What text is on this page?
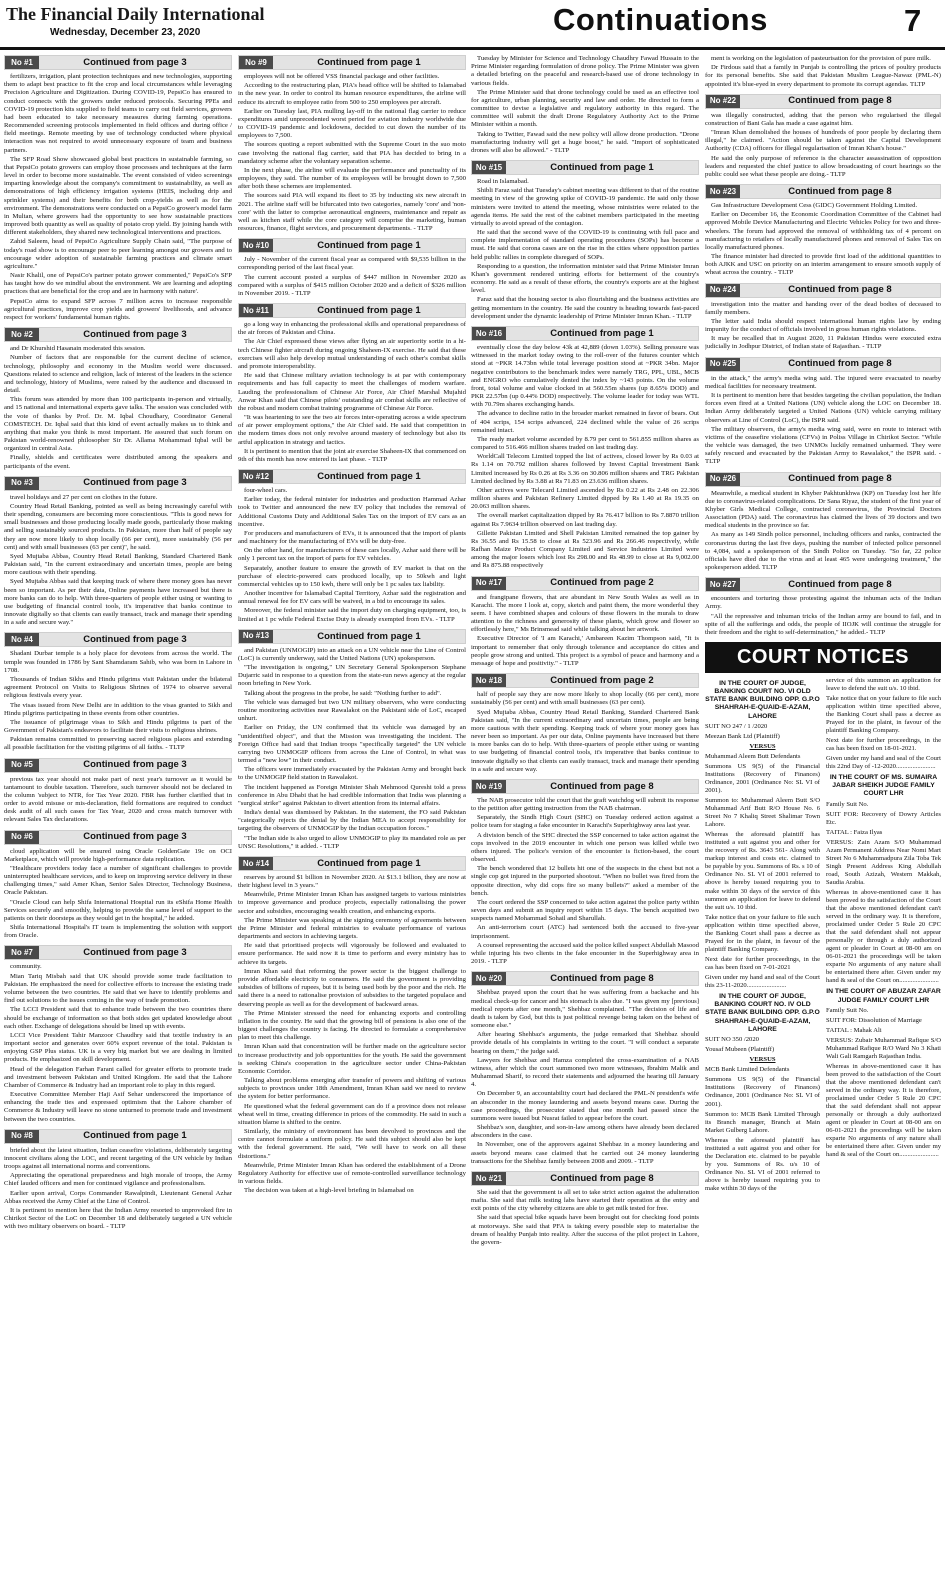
The Financial Daily International
Wednesday, December 23, 2020	Continuations	7
No #1	Continued from page 3

fertilizers, irrigation, plant protection techniques and new technologies, supporting them to adapt best practice to fit the crop and local circumstances while leveraging Precision Agriculture and Digitization. During COVID-19, PepsiCo has ensured to conduct connects with the growers under reduced protocols. Securing PPEs and COVID-19 protection kits supplied to field teams to carry out field services, growers had been educated to take necessary measures during farming operations. Recommended screening protocols implemented in field offices and during office / field meetings. Remote meeting by use of technology conducted where physical interaction was not required to avoid unnecessary exposure of team and business partners.

The SFP Road Show showcased global best practices in sustainable farming, so that PepsiCo potato growers can employ those processes and techniques at the farm level in order to become more sustainable. The event consisted of video screenings imparting knowledge about the company's commitment to sustainability, as well as demonstrations of high efficiency irrigation systems (HEIS, including drip and sprinkler systems) and their benefits for both crop-yields as well as for the environment. The demonstrations were conducted on a PepsiCo grower's model farm in Multan, where growers had the opportunity to see how sustainable practices improved both quantity as well as quality of potato crop yield. By joining hands with different stakeholders, they shared new technological interventions and practices.

Zahid Saleem, head of PepsiCo Agriculture Supply Chain said, "The purpose of today's road show is to encourage peer to peer learning amongst our growers and to encourage wider adoption of sustainable farming practices and climate smart agriculture."

Nasir Khalil, one of PepsiCo's partner potato grower commented," PepsiCo's SFP has taught how do we mindful about the environment. We are learning and adopting practices that are beneficial for the crop and are in harmony with nature'.

PepsiCo aims to expand SFP across 7 million acres to increase responsible agricultural practices, improve crop yields and growers' livelihoods, and advance respect for workers' fundamental human rights.

No #2	Continued from page 3

and Dr Khurshid Hasanain moderated this session.

Number of factors that are responsible for the current decline of science, technology, philosophy and economy in the Muslim world were discussed. Questions related to science and religion, lack of interest of the leaders in the science and technology, history of Muslims, were raised by the audience and discussed in detail.

This forum was attended by more than 100 participants in-person and virtually, and 15 national and international experts gave talks. The session was concluded with the vote of thanks by Prof. Dr. M. Iqbal Choudhary, Coordinator General COMSTECH. Dr. Iqbal said that this kind of event actually makes us to think and anything that make you think is most important. He assured that such forum on Pakistan world-renowned philosopher Sir Dr. Allama Mohammad Iqbal will be organized in central Asia.

Finally, shields and certificates were distributed among the speakers and participants of the event.

No #3	Continued from page 3

travel holidays and 27 per cent on clothes in the future.

Country Head Retail Banking, pointed as well as being increasingly careful with their spending, consumers are becoming more conscientious. "This is good news for small businesses and those producing locally made goods, particularly those making and selling sustainably sourced products. In Pakistan, more than half of people say they are now more likely to shop locally (66 per cent), more sustainably (56 per cent) and with small businesses (63 per cent)", he said.

Syed Mujtaba Abbas, Country Head Retail Banking, Standard Chartered Bank Pakistan said, "In the current extraordinary and uncertain times, people are being more cautious with their spending.

Syed Mujtaba Abbas said that keeping track of where there money goes has never been so important. As per their data, Online payments have increased but there is more banks can do to help. With three-quarters of people either using or wanting to use budgeting of financial control tools, it's imperative that banks continue to innovate digitally so that clients can easily transact, track and manage their spending in a safe and secure way."

No #4	Continued from page 3

Shadani Durbar temple is a holy place for devotees from across the world. The temple was founded in 1786 by Sant Shamdaram Sahib, who was born in Lahore in 1708.

Thousands of Indian Sikhs and Hindu pilgrims visit Pakistan under the bilateral agreement Protocol on Visits to Religious Shrines of 1974 to observe several religious festivals every year.

The visas issued from New Delhi are in addition to the visas granted to Sikh and Hindu pilgrims participating in these events from other countries.

The issuance of pilgrimage visas to Sikh and Hindu pilgrims is part of the Government of Pakistan's endeavors to facilitate their visits to religious shrines.

Pakistan remains committed to preserving sacred religious places and extending all possible facilitation for the visiting pilgrims of all faiths. - TLTP

No #5	Continued from page 3

previous tax year should not make part of next year's turnover as it would be tantamount to double taxation. Therefore, such turnover should not be declared in the column 'subject to NTR, for Tax Year 2020. FBR has further clarified that in order to avoid misuse or mis-declaration, field formations are required to conduct desk audit of all such cases for Tax Year, 2020 and cross match turnover with relevant Sales Tax declarations.

No #6	Continued from page 3

cloud application will be ensured using Oracle GoldenGate 19c on OCI Marketplace, which will provide high-performance data replication.

"Healthcare providers today face a number of significant challenges to provide uninterrupted healthcare services, and to keep on improving service delivery in these challenging times," said Amer Khan, Senior Sales Director, Technology Business, Oracle Pakistan.

"Oracle Cloud can help Shifa International Hospital run its eShifa Home Health Services securely and smoothly, helping to provide the same level of support to the patients on their doorsteps as they would get in the hospital," he added.

Shifa International Hospital's IT team is implementing the solution with support from Oracle.

No #7	Continued from page 3

community.

Mian Tariq Misbah said that UK should provide some trade facilitation to Pakistan. He emphasized the need for collective efforts to increase the existing trade volume between the two countries. He said that we have to identify problems and find out solutions to the issues coming in the way of trade promotion.

The LCCI President said that to enhance trade between the two countries there should be exchange of information so that both sides get updated knowledge about each other. Exchange of delegations should be lined up with events.

LCCI Vice President Tahir Manzoor Chaudhry said that textile industry is an important sector and generates over 60% export revenue of the total. Pakistan is enjoying GSP Plus status. UK is a very big market but we are dealing in limited products. He emphasized on skill development.

Head of the delegation Farhan Farani called for greater efforts to promote trade and investment between Pakistan and United Kingdom. He said that the Lahore Chamber of Commerce & Industry had an important role to play in this regard.

Executive Committee Member Haji Asif Sehar underscored the importance of enhancing the trade ties and expressed optimism that the Lahore chamber of Commerce & Industry will leave no stone unturned to promote trade and investment between the two countries.

No #8	Continued from page 1

briefed about the latest situation, Indian ceasefire violations, deliberately targeting innocent civilians along the LOC, and recent targeting of the UN vehicle by Indian troops against all international norms and conventions.

Appreciating the operational preparedness and high morale of troops, the Army Chief lauded officers and men for continued vigilance and professionalism.

Earlier upon arrival, Corps Commander Rawalpindi, Lieutenant General Azhar Abbas received the Army Chief at the Line of Control.

It is pertinent to mention here that the Indian Army resorted to unprovoked fire in Chirikot Sector of the LoC on December 18 and deliberately targeted a UN vehicle with two military observers on board. - TLTP

No #9	Continued from page 1

employees will not be offered VSS financial package and other facilities.

According to the restructuring plan, PIA's head office will be shifted to Islamabad in the new year. In order to control its human resource expenditures, the airline will reduce its aircraft to employee ratio from 500 to 250 employees per aircraft.

Earlier on Tuesday last, PIA mulling lay-off in the national flag carrier to reduce expenditures amid unprecedented worst period for aviation industry worldwide due to COVID-19 pandemic and lockdowns, decided to cut down the number of its employees to 7,500.

The sources quoting a report submitted with the Supreme Court in the suo moto case involving the national flag carrier, said that PIA has decided to bring in a mandatory scheme after the voluntary separation scheme.

In the next phase, the airline will evaluate the performance and punctuality of its employees, they said. The number of its employees will be brought down to 7,500 after both these schemes are implemented.

The sources said PIA will expand its fleet to 35 by inducting six new aircraft in 2021. The airline staff will be bifurcated into two categories, namely 'core' and 'non-core' with the latter to comprise aeronautical engineers, maintenance and repair as well as kitchen staff while the core category will comprise the marketing, human resources, finance, flight services, and procurement departments. - TLTP

No #10	Continued from page 1

July - November of the current fiscal year as compared with $9,535 billion in the corresponding period of the last fiscal year.

The current account posted a surplus of $447 million in November 2020 as compared with a surplus of $415 million October 2020 and a deficit of $326 million in November 2019. - TLTP

No #11	Continued from page 1

go a long way in enhancing the professional skills and operational preparedness of the air forces of Pakistan and China.

The Air Chief expressed these views after flying an air superiority sortie in a hi-tech Chinese fighter aircraft during ongoing Shaheen-IX exercise. He said that these exercises will also help develop mutual understanding of each other's combat skills and promote interoperability.

He said that Chinese military aviation technology is at par with contemporary requirements and has full capacity to meet the challenges of modern warfare. Lauding the professionalism of Chinese Air Force, Air Chief Marshal Mujahid Anwar Khan said that Chinese pilots' outstanding air combat skills are reflective of the robust and modern combat training programme of Chinese Air Force.

"It was heartening to see the two air forces inter-operating across a wide spectrum of air power employment options," the Air Chief said. He said that competition in the modern times does not only revolve around mastery of technology but also its artful application in strategy and tactics.

It is pertinent to mention that the joint air exercise Shaheen-IX that commenced on 9th of this month has now entered its last phase. - TLTP

No #12	Continued from page 1

four-wheel cars.

Earlier today, the federal minister for industries and production Hammad Azhar took to Twitter and announced the new EV policy that includes the removal of Additional Customs Duty and Additional Sales Tax on the import of EV cars as an incentive.

For producers and manufacturers of EVs, it is announced that the import of plants and machinery for the manufacturing of EVs will be duty-free.

On the other hand, for manufacturers of these cars locally, Azhar said there will be only 1 percent tax on the import of parts for EV vehicles.

Separately, another feature to ensure the growth of EV market is that on the purchase of electric-powered cars produced locally, up to 50kwh and light commercial vehicles up to 150 kwh, there will only be 1 pc sales tax liability.

Another incentive for Islamabad Capital Territory, Azhar said the registration and annual renewal fee for EV cars will be waived, in a bid to encourage its sales.

Moreover, the federal minister said the import duty on charging equipment, too, is limited at 1 pc while Federal Excise Duty is already exempted from EVs. - TLTP

No #13	Continued from page 1

and Pakistan (UNMOGIP) into an attack on a UN vehicle near the Line of Control (LoC) is currently underway, said the United Nations (UN) spokesperson.

"The investigation is ongoing," UN Secretary General Spokesperson Stephane Dujarric said in response to a question from the state-run news agency at the regular noon briefing in New York.

Talking about the progress in the probe, he said: "Nothing further to add".

The vehicle was damaged but two UN military observers, who were conducting routine monitoring activities near Rawalakot on the Pakistani side of LoC, escaped unhurt.

Earlier on Friday, the UN confirmed that its vehicle was damaged by an "unidentified object", and that the Mission was investigating the incident. The Foreign Office had said that Indian troops "specifically targeted" the UN vehicle carrying two UNMOGIP officers from across the Line of Control, in what was termed a "new low" in their conduct.

The officers were immediately evacuated by the Pakistan Army and brought back to the UNMOGIP field station in Rawalakot.

The incident happened as Foreign Minister Shah Mehmood Qureshi told a press conference in Abu Dhabi that he had credible information that India was planning a "surgical strike" against Pakistan to divert attention from its internal affairs.

India's denial was dismissed by Pakistan. In the statement, the FO said Pakistan "categorically rejects the denial by the Indian MEA to accept responsibility for targeting the observers of UNMOGIP by the Indian occupation forces."

"The Indian side is also urged to allow UNMOGIP to play its mandated role as per UNSC Resolutions," it added. - TLTP

No #14	Continued from page 1

reserves by around $1 billion in November 2020. At $13.1 billion, they are now at their highest level in 3 years."

Meanwhile, Prime Minister Imran Khan has assigned targets to various ministries to improve governance and produce projects, especially rationalising the power sector and subsidies, encouraging wealth creation, and enhancing exports.

The Prime Minister was speaking at the signing ceremony of agreements between the Prime Minister and federal ministries to evaluate performance of various departments and sectors in achieving targets.

He said that prioritised projects will vigorously be followed and evaluated to ensure performance. He said now it is time to perform and every ministry has to achieve its targets.

Imran Khan said that reforming the power sector is the biggest challenge to provide affordable electricity to consumers. He said the government is providing subsidies of billions of rupees, but it is being used both by the poor and the rich. He said there is a need to rationalise provision of subsidies to the targeted populace and deserving people as well as for the development of backward areas.

The Prime Minister stressed the need for enhancing exports and controlling inflation in the country. He said that the growing bill of pensions is also one of the biggest challenges the country is facing. He directed to formulate a comprehensive plan to meet this challenge.

Imran Khan said that concentration will be further made on the agriculture sector to increase productivity and job opportunities for the youth. He said the government is seeking China's cooperation in the agriculture sector under China-Pakistan Economic Corridor.

Talking about problems emerging after transfer of powers and shifting of various subjects to provinces under 18th Amendment, Imran Khan said we need to review the system for better performance.

He questioned what the federal government can do if a province does not release wheat well in time, creating difference in prices of the commodity. He said in such a situation blame is shifted to the centre.

Similarly, the ministry of environment has been devolved to provinces and the centre cannot formulate a uniform policy. He said this subject should also be kept with the federal government. He said, "We will have to work on all these distortions."

Meanwhile, Prime Minister Imran Khan has ordered the establishment of a Drone Regulatory Authority for effective use of remote-controlled surveillance technology in various fields.

The decision was taken at a high-level briefing in Islamabad on

Tuesday by Minister for Science and Technology Chaudhry Fawad Hussain to the Prime Minister regarding formulation of drone policy. The Prime Minister was given a detailed briefing on the peaceful and research-based use of drone technology in various fields.

The Prime Minister said that drone technology could be used as an effective tool for agriculture, urban planning, security and law and order. He directed to form a committee to devise a legislative and regulatory authority in this regard. The committee will submit the draft Drone Regulatory Authority Act to the Prime Minister within a month.

Taking to Twitter, Fawad said the new policy will allow drone production. "Drone manufacturing industry will get a huge boost," he said. "Import of sophisticated drones will also be allowed." - TLTP

No #15	Continued from page 1

Road in Islamabad.

Shibli Faraz said that Tuesday's cabinet meeting was different to that of the routine meeting in view of the growing spike of COVID-19 pandemic. He said only those ministers were invited to attend the meeting, whose ministries were related to the agenda items. He said the rest of the cabinet members participated in the meeting virtually to avoid spread of the contagion.

He said that the second wave of the COVID-19 is continuing with full pace and complete implementation of standard operating procedures (SOPs) has become a must. He said that corona cases are on the rise in the cities where opposition parties held public rallies in complete disregard of SOPs.

Responding to a question, the information minister said that Prime Minister Imran Khan's government rendered untiring efforts for betterment of the country's economy. He said as a result of these efforts, the country's exports are at the highest level.

Faraz said that the housing sector is also flourishing and the business activities are getting momentum in the country. He said the country is heading towards fast-paced development under the dynamic leadership of Prime Minister Imran Khan. - TLTP

No #16	Continued from page 1

eventually close the day below 43k at 42,889 (down 1.03%). Selling pressure was witnessed in the market today owing to the roll-over of the futures counter which stood at ~PKR 14.73bn while total leverage position stood at ~PKR 34bn. Major negative contributors to the benchmark index were namely TRG, PPL, UBL, MCB and ENGRO who cumulatively dented the index by ~143 points. On the volume front, total volume and value clocked in at 560.55m shares (up 8.65% DOD) and PKR 22.57bn (up 0.44% DOD) respectively. The volume leader for today was WTL with 70.79m shares exchanging hands.

The advance to decline ratio in the broader market remained in favor of bears. Out of 404 scrips, 154 scrips advanced, 224 declined while the value of 26 scrips remained intact.

The ready market volume ascended by 8.79 per cent to 561.855 million shares as compared to 516.466 million shares traded on last trading day.

WorldCall Telecom Limited topped the list of actives, closed lower by Rs 0.03 at Rs 1.14 on 70.792 million shares followed by Invest Capital Investment Bank Limited increased by Rs 0.26 at Rs 3.36 on 30.806 million shares and TRG Pakistan Limited declined by Rs 3.88 at Rs 71.83 on 23.636 million shares.

Other actives were Telecard Limited ascended by Rs 0.22 at Rs 2.48 on 22.306 million shares and Pakistan Refinery Limited dipped by Rs 1.40 at Rs 19.35 on 20.063 million shares.

The overall market capitalization dipped by Rs 76.417 billion to Rs 7.8870 trillion against Rs 7.9634 trillion observed on last trading day.

Gillette Pakistan Limited and Shell Pakistan Limited remained the top gainer by Rs 36.55 and Rs 15.58 to close at Rs 523.96 and Rs 266.46 respectively, while Rafhan Maize Product Company Limited and Service Industries Limited were among the major losers which lost Rs 298.00 and Rs 48.99 to close at Rs 9,002.00 and Rs 875.88 respectively

No #17	Continued from page 2

and frangipane flowers, that are abundant in New South Wales as well as in Karachi. The more I look at, copy, sketch and paint them, the more wonderful they seem. I have combined shapes and colours of these flowers in the murals to draw attention to the richness and generosity of these plants, which grow and flower so effortlessly here," Ms Brinsmead said while talking about her artwork.

Executive Director of 'I am Karachi,' Ambareen Kazim Thompson said, "It is important to remember that only through tolerance and acceptance do cities and people grow strong and united. This project is a symbol of peace and harmony and a message of hope and positivity." - TLTP

No #18	Continued from page 2

half of people say they are now more likely to shop locally (66 per cent), more sustainably (56 per cent) and with small businesses (63 per cent).

Syed Mujtaba Abbas, Country Head Retail Banking, Standard Chartered Bank Pakistan said, "In the current extraordinary and uncertain times, people are being more cautious with their spending. Keeping track of where your money goes has never been so important. As per our data, Online payments have increased but there is more banks can do to help. With three-quarters of people either using or wanting to use budgeting of financial control tools, it's imperative that banks continue to innovate digitally so that clients can easily transact, track and manage their spending in a safe and secure way.

No #19	Continued from page 8

The NAB prosecutor told the court that the graft watchdog will submit its response to the petition after getting instruction from the NAB chairman.

Separately, the Sindh High Court (SHC) on Tuesday ordered action against a police team for staging a fake encounter in Karachi's Superhighway area last year.

A division bench of the SHC directed the SSP concerned to take action against the cops involved in the 2019 encounter in which one person was killed while two others injured. The police's version of the encounter is fiction-based, the court observed.

The bench wondered that 12 bullets hit one of the suspects in the chest but not a single cop got injured in the purported shootout. "When no bullet was fired from the opposite direction, why did cops fire so many bullets?" asked a member of the bench.

The court ordered the SSP concerned to take action against the police party within seven days and submit an inquiry report within 15 days. The bench acquitted two suspects named Mohammad Sohail and Sharullah.

An anti-terrorism court (ATC) had sentenced both the accused to five-year imprisonment.

A counsel representing the accused said the police killed suspect Abdullah Masood while injuring his two clients in the fake encounter in the Superhighway area in 2019. - TLTP

No #20	Continued from page 8

Shehbaz prayed upon the court that he was suffering from a backache and his medical check-up for cancer and his stomach is also due. "I was given my [previous] medical reports after one month," Shehbaz complained. "The decision of life and death is taken by God, but this is just political revenge being taken on the behest of someone else."

After hearing Shehbaz's arguments, the judge remarked that Shehbaz should provide details of his complaints in writing to the court. "I will conduct a separate hearing on them," the judge said.

Lawyers for Shehbaz and Hamza completed the cross-examination of a NAB witness, after which the court summoned two more witnesses, Ibrahim Malik and Muhammad Sharif, to record their statements and adjourned the hearing till January 4.

On December 9, an accountability court had declared the PML-N president's wife an absconder in the money laundering and assets beyond means case. During the case proceedings, the prosecutor stated that one month had passed since the summons were issued but Nusrat failed to appear before the court.

Shehbaz's son, daughter, and son-in-law among others have already been declared absconders in the case.

In November, one of the approvers against Shehbaz in a money laundering and assets beyond means case claimed that he carried out 24 money laundering transactions for the Shehbaz family between 2008 and 2009. - TLTP

No #21	Continued from page 8

She said that the government is all set to take strict action against the adulteration mafia. She said that milk testing labs have started their operation at the entry and exit points of the city whereby citizens are able to get milk tested for free.

She said that special bike squads have been brought out for checking food points at motorways. She said that PFA is taking every possible step to materialise the dream of healthy Punjab into reality. After the success of the pilot project in Lahore, the govern-

ment is working on the legislation of pasteurisation for the provision of pure milk.

Dr Firdous said that a family in Punjab is controlling the prices of poultry products for its personal benefits. She said that Pakistan Muslim League-Nawaz (PML-N) appointed it's blue-eyed in every department to promote its corrupt agendas. TLTP

No #22	Continued from page 8

was illegally constructed, adding that the person who regularised the illegal construction of Bani Gala has made a case against him.

"Imran Khan demolished the houses of hundreds of poor people by declaring them illegal," he claimed. "Action should be taken against the Capital Development Authority (CDA) officers for illegal regularisation of Imran Khan's house."

He said the only purpose of reference is the character assassination of opposition leaders and requested the chief justice to allow broadcasting of court hearings so the public could see what these people are doing.- TLTP

No #23	Continued from page 8

Gas Infrastructure Development Cess (GIDC) Government Holding Limited.

Earlier on December 16, the Economic Coordination Committee of the Cabinet had approved Mobile Device Manufacturing and Electric Vehicles Policy for two and three-wheelers. The forum had approved the removal of withholding tax of 4 percent on manufacturing to retailers of locally manufactured phones and removal of Sales Tax on locally manufactured phones.

The finance minister had directed to provide first load of the additional quantities to both AJKK and USC on priority on an interim arrangement to ensure smooth supply of wheat across the country. - TLTP

No #24	Continued from page 8

investigation into the matter and handing over of the dead bodies of deceased to family members.

The letter said India should respect international human rights law by ending impunity for the conduct of officials involved in gross human rights violations.

It may be recalled that in August 2020, 11 Pakistan Hindus were executed extra judicially in Jodhpur District, of Indian state of Rajasthan. - TLTP

No #25	Continued from page 8

in the attack," the army's media wing said. The injured were evacuated to nearby medical facilities for necessary treatment.

It is pertinent to mention here that besides targeting the civilian population, the Indian forces even fired at a United Nations (UN) vehicle along the LOC on December 18. Indian Army deliberately targeted a United Nations (UN) vehicle carrying military observers at Line of Control (LoC), the ISPR said.

The military observers, the army's media wing said, were en route to interact with victims of the ceasefire violations (CFVs) in Poliss Village in Chirikot Sector. "While the vehicle was damaged, the two UNMOs luckily remained unharmed. They were safely rescued and evacuated by the Pakistan Army to Rawalakot," the ISPR said. - TLTP

No #26	Continued from page 8

Meanwhile, a medical student in Khyber Pakhtunkhwa (KP) on Tuesday lost her life due to coronavirus-related complications. Dr Sana Riyaz, the student of the first year of Khyber Girls Medical College, contracted coronavirus, the Provincial Doctors Association (PDA) said. The coronavirus has claimed the lives of 39 doctors and two medical students in the province so far.

As many as 149 Sindh police personnel, including officers and ranks, contracted the coronavirus during the last five days, pushing the number of infected police personnel to 4,084, said a spokesperson of the Sindh Police on Tuesday. "So far, 22 police officials have died due to the virus and at least 465 were undergoing treatment," the spokesperson added. TLTP

No #27	Continued from page 8

encounters and torturing those protesting against the inhuman acts of the Indian Army.

"All the repressive and inhuman tricks of the Indian army are bound to fail, and in spite of all the sufferings and odds, the people of IIOJK will continue the struggle for their freedom and the right to self-determination," he added.- TLTP

COURT NOTICES
IN THE COURT OF JUDGE, BANKING COURT NO. VI OLD STATE BANK BUILDING OPP. G.P.O SHAHRAH-E-QUAID-E-AZAM, LAHORE

SUIT NO 247 / 1 /2020

Meezan Bank Ltd (Plaintiff)

VERSUS

Muhammad Aleem Butt Defendants

Summons US 9(5) of the Financial Institutions (Recovery of Finances) Ordinance, 2001 (Ordinance No: SL VI of 2001).

Summon to: Muhammad Aleem Butt S/O Muhammad Arif Butt R/O House No. 6 Street No 7 Khaliq Street Shalimar Town Lahore.

Whereas the aforesaid plaintiff has instituted a suit against you and other for the recovery of Rs. 3643 561- Along with markup interest and costs etc. claimed to be payable by you. Summons of Rs. s 10 of Ordinance No. SL VI of 2001 referred to above is hereby issued requiring you to make within 30 days of the service of this summon an application for leave to defend the suit u/s. 10 ibid.

Take notice that on your failure to file such application within time specified above, the Banking Court shall pass a decree as Prayed for in the plaint, in favour of the plaintiff Banking Company.

Next date for further proceedings, in the cas has been fixed on 7-01-2021

Given under my hand and seal of the Court this 23-11-2020........................

IN THE COURT OF JUDGE, BANKING COURT NO. IV OLD STATE BANK BUILDING OPP. G.P.O SHAHRAH-E-QUAID-E-AZAM, LAHORE

SUIT NO 350 /2020

Yousaf Mubeen (Plaintiff)

VERSUS

MCB Bank Limited Defendants

Summons US 9(5) of the Financial Institutions (Recovery of Finances) Ordinance, 2001 (Ordinance No: SL VI of 2001).

Summon to: MCB Bank Limited Through its Branch manager, Branch at Main Market Gulberg Lahore.

Whereas the aforesaid plaintiff has instituted a suit against you and other for the Declaration etc. claimed to be payable by you. Summons of Rs. u/s 10 of Ordinance No. SL VI of 2001 referred to above is hereby issued requiring you to make within 30 days of the

service of this summon an application for leave to defend the suit u/s. 10 ibid.

Take notice that on your failure to file such application within time specified above, the Banking Court shall pass a decree as Prayed for in the plaint, in favour of the plaintiff Banking Company.

Next date for further proceedings, in the cas has been fixed on 18-01-2021.

Given under my hand and seal of the Court this 22nd Day of -12-2020........................

IN THE COURT OF MS. SUMAIRA JABAR SHEIKH JUDGE FAMILY COURT LHR

Family Suit No.

SUIT FOR: Recovery of Dowry Articles Etc.

TAITAL : Faiza Ilyas

VERSUS: Zain Azam S/O Muhammad Azam Permanent Address Near Nomi Mart Street No 6 Muhammadpura Zila Toba Tek Singh Present Address King Abdullah road, South Azizah, Western Makkah, Saudia Arabia.

Whereas in above-mentioned case it has been proved to the satisfaction of the Court that the above mentioned defendant can't served in the ordinary way. It is therefore, proclaimed under Order 5 Rule 20 CPC that the said defendant shall not appear personally or through a duly authorized agent or pleader in Court at 08-00 am on 06-01-2021 the proceedings will be taken exparte No arguments of any nature shall be entertained there after. Given under my hand & seal of the Court on........................

IN THE COURT OF ABUZAR ZAFAR JUDGE FAMILY COURT LHR

Family Suit No.

SUIT FOR: Dissolution of Marriage

TAITAL : Mahak Ali

VERSUS: Zubair Muhammad Rafique S/O Muhammad Rafique R/O Ward No 3 Khati Wali Gali Ramgarh Rajasthan India.

Whereas in above-mentioned case it has been proved to the satisfaction of the Court that the above mentioned defendant can't served in the ordinary way. It is therefore, proclaimed under Order 5 Rule 20 CPC that the said defendant shall not appear personally or through a duly authorized agent or pleader in Court at 08-00 am on 06-01-2021 the proceedings will be taken exparte No arguments of any nature shall be entertained there after. Given under my hand & seal of the Court on........................
